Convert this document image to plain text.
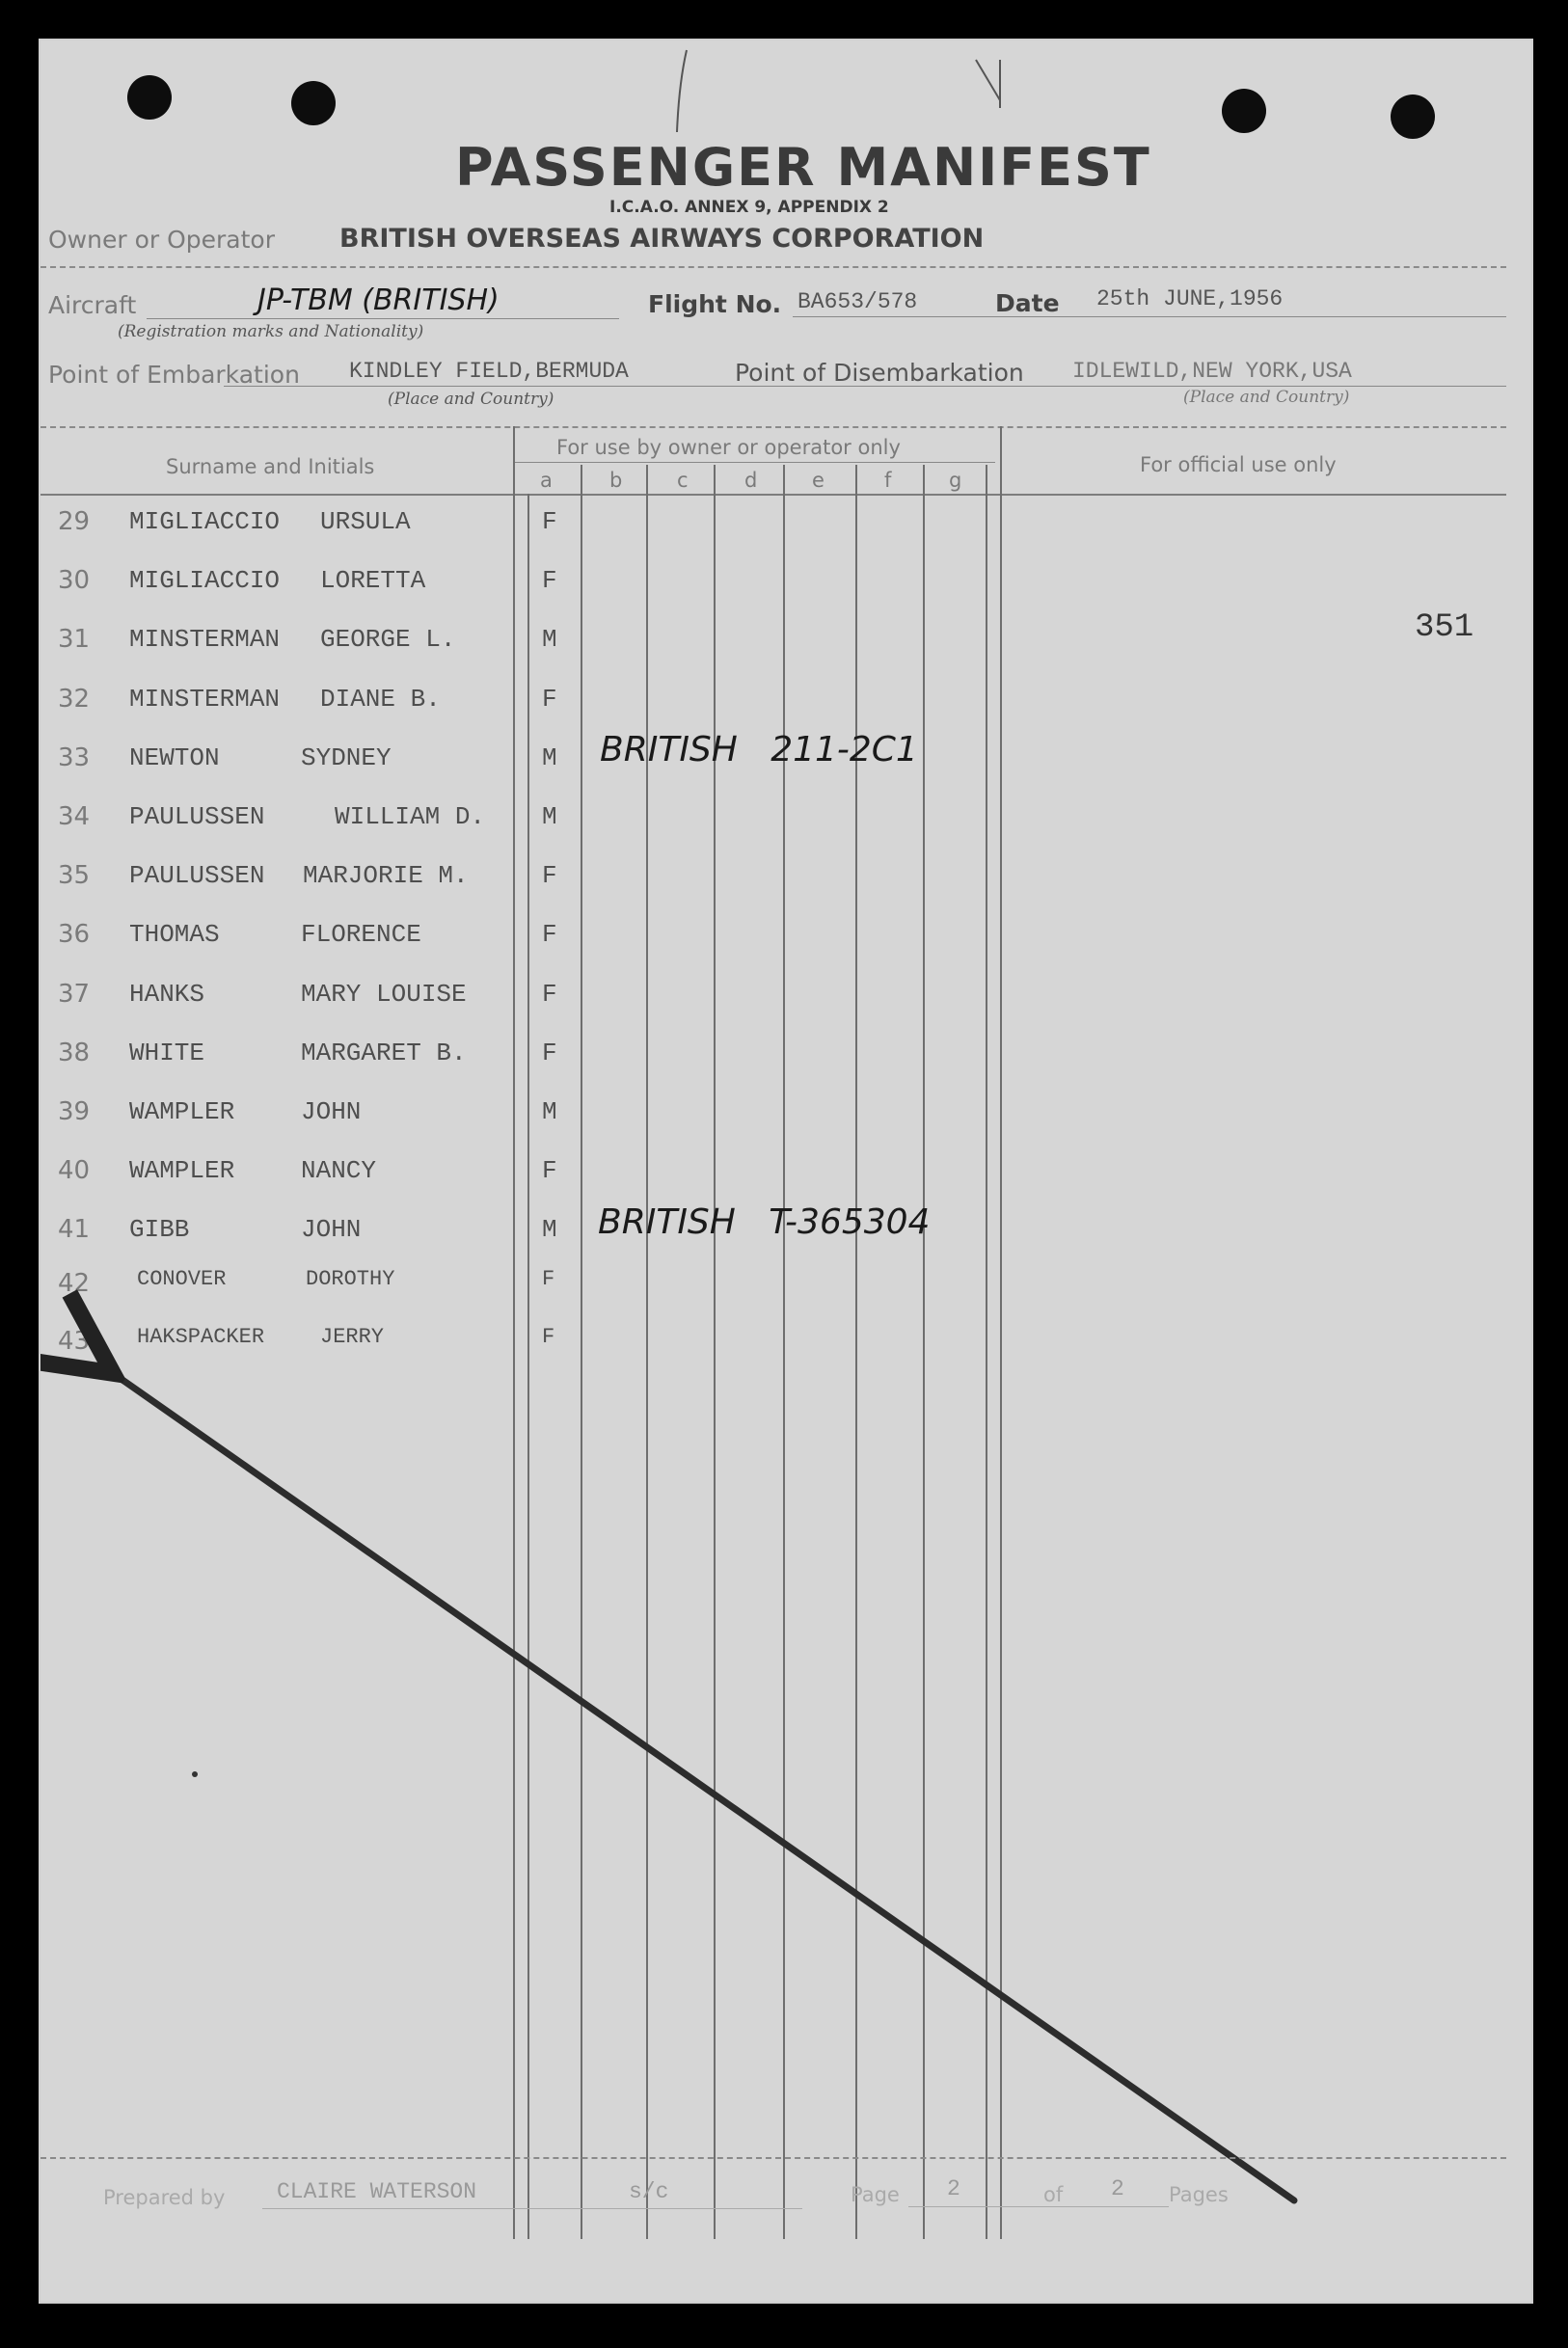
PASSENGER MANIFEST
I.C.A.O. ANNEX 9, APPENDIX 2
Owner or Operator BRITISH OVERSEAS AIRWAYS CORPORATION
Aircraft	JP-TBM (BRITISH)
(Registration marks and Nationality)
Flight No. BA653/578	Date 25th JUNE,1956
Point of Embarkation KINDLEY FIELD,BERMUDA
(Place and Country)
Point of Disembarkation IDLEWILD,NEW YORK,USA
(Place and Country)
Surname and Initials
For use by owner or operator only
For official use only
a	b	c	d	e	f	g
29 MIGLIACCIO URSULA	F
30 MIGLIACCIO LORETTA	F
31 MINSTERMAN GEORGE L.	M
32 MINSTERMAN DIANE B.	F
33 NEWTON	SYDNEY	M BRITISH   211-2C1
34 PAULUSSEN	WILLIAM D. M
35 PAULUSSEN MARJORIE M.	F
36 THOMAS	FLORENCE	F
37 HANKS	MARY LOUISE	F
38 WHITE	MARGARET B.	F
39 WAMPLER	JOHN	M
40 WAMPLER	NANCY	F
41 GIBB	JOHN	M BRITISH   T-365304
42 CONOVER	DOROTHY	F
43 HAKSPACKER	JERRY	F
351
Prepared by CLAIRE WATERSON	s/c	Page 2	of 2 Pages
